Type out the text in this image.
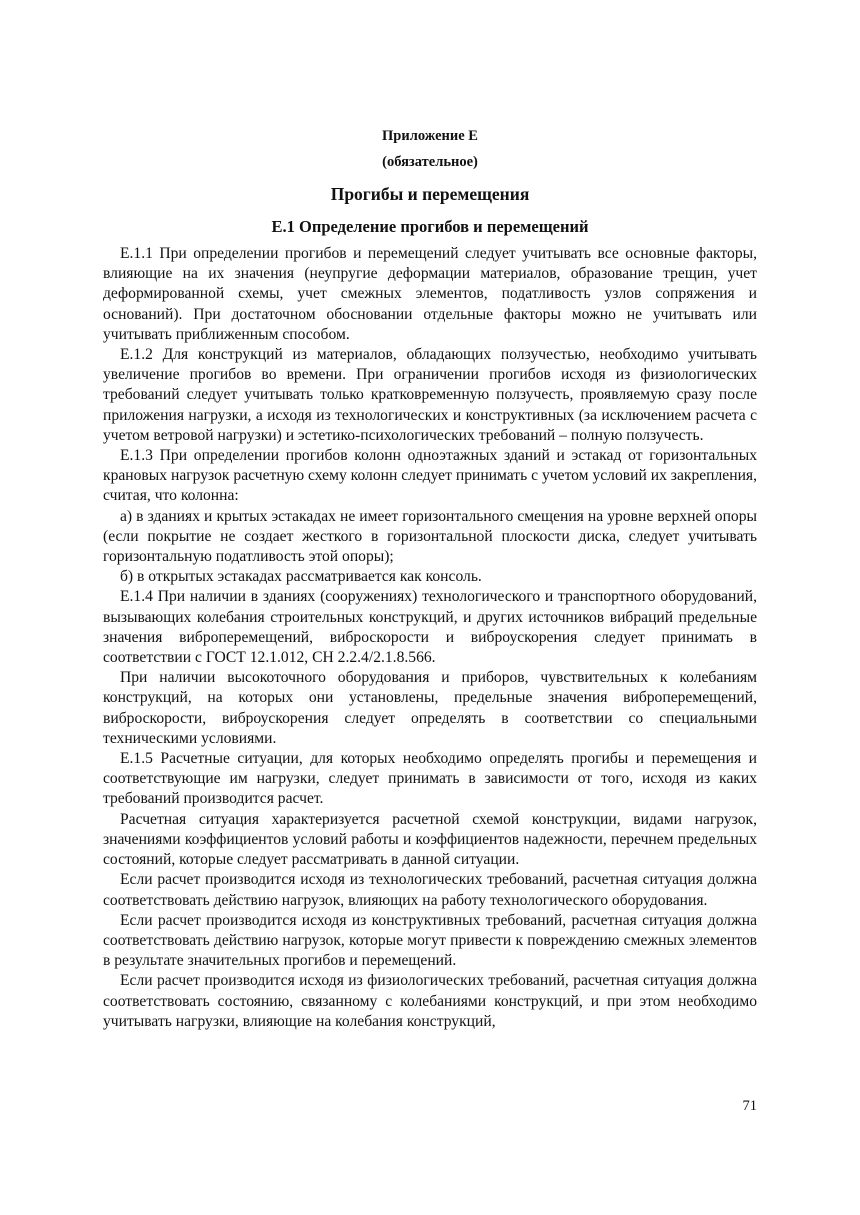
Приложение Е
(обязательное)
Прогибы и перемещения
Е.1 Определение прогибов и перемещений

Е.1.1 При определении прогибов и перемещений следует учитывать все основные факторы, влияющие на их значения (неупругие деформации материалов, образование трещин, учет деформированной схемы, учет смежных элементов, податливость узлов сопряжения и оснований). При достаточном обосновании отдельные факторы можно не учитывать или учитывать приближенным способом.

Е.1.2 Для конструкций из материалов, обладающих ползучестью, необходимо учитывать увеличение прогибов во времени. При ограничении прогибов исходя из физиологических требований следует учитывать только кратковременную ползучесть, проявляемую сразу после приложения нагрузки, а исходя из технологических и конструктивных (за исключением расчета с учетом ветровой нагрузки) и эстетико-психологических требований – полную ползучесть.

Е.1.3 При определении прогибов колонн одноэтажных зданий и эстакад от горизонтальных крановых нагрузок расчетную схему колонн следует принимать с учетом условий их закрепления, считая, что колонна:

а) в зданиях и крытых эстакадах не имеет горизонтального смещения на уровне верхней опоры (если покрытие не создает жесткого в горизонтальной плоскости диска, следует учитывать горизонтальную податливость этой опоры);

б) в открытых эстакадах рассматривается как консоль.

Е.1.4 При наличии в зданиях (сооружениях) технологического и транспортного оборудований, вызывающих колебания строительных конструкций, и других источников вибраций предельные значения виброперемещений, виброскорости и виброускорения следует принимать в соответствии с ГОСТ 12.1.012, СН 2.2.4/2.1.8.566.

При наличии высокоточного оборудования и приборов, чувствительных к колебаниям конструкций, на которых они установлены, предельные значения виброперемещений, виброскорости, виброускорения следует определять в соответствии со специальными техническими условиями.

Е.1.5 Расчетные ситуации, для которых необходимо определять прогибы и перемещения и соответствующие им нагрузки, следует принимать в зависимости от того, исходя из каких требований производится расчет.

Расчетная ситуация характеризуется расчетной схемой конструкции, видами нагрузок, значениями коэффициентов условий работы и коэффициентов надежности, перечнем предельных состояний, которые следует рассматривать в данной ситуации.

Если расчет производится исходя из технологических требований, расчетная ситуация должна соответствовать действию нагрузок, влияющих на работу технологического оборудования.

Если расчет производится исходя из конструктивных требований, расчетная ситуация должна соответствовать действию нагрузок, которые могут привести к повреждению смежных элементов в результате значительных прогибов и перемещений.

Если расчет производится исходя из физиологических требований, расчетная ситуация должна соответствовать состоянию, связанному с колебаниями конструкций, и при этом необходимо учитывать нагрузки, влияющие на колебания конструкций,

71
